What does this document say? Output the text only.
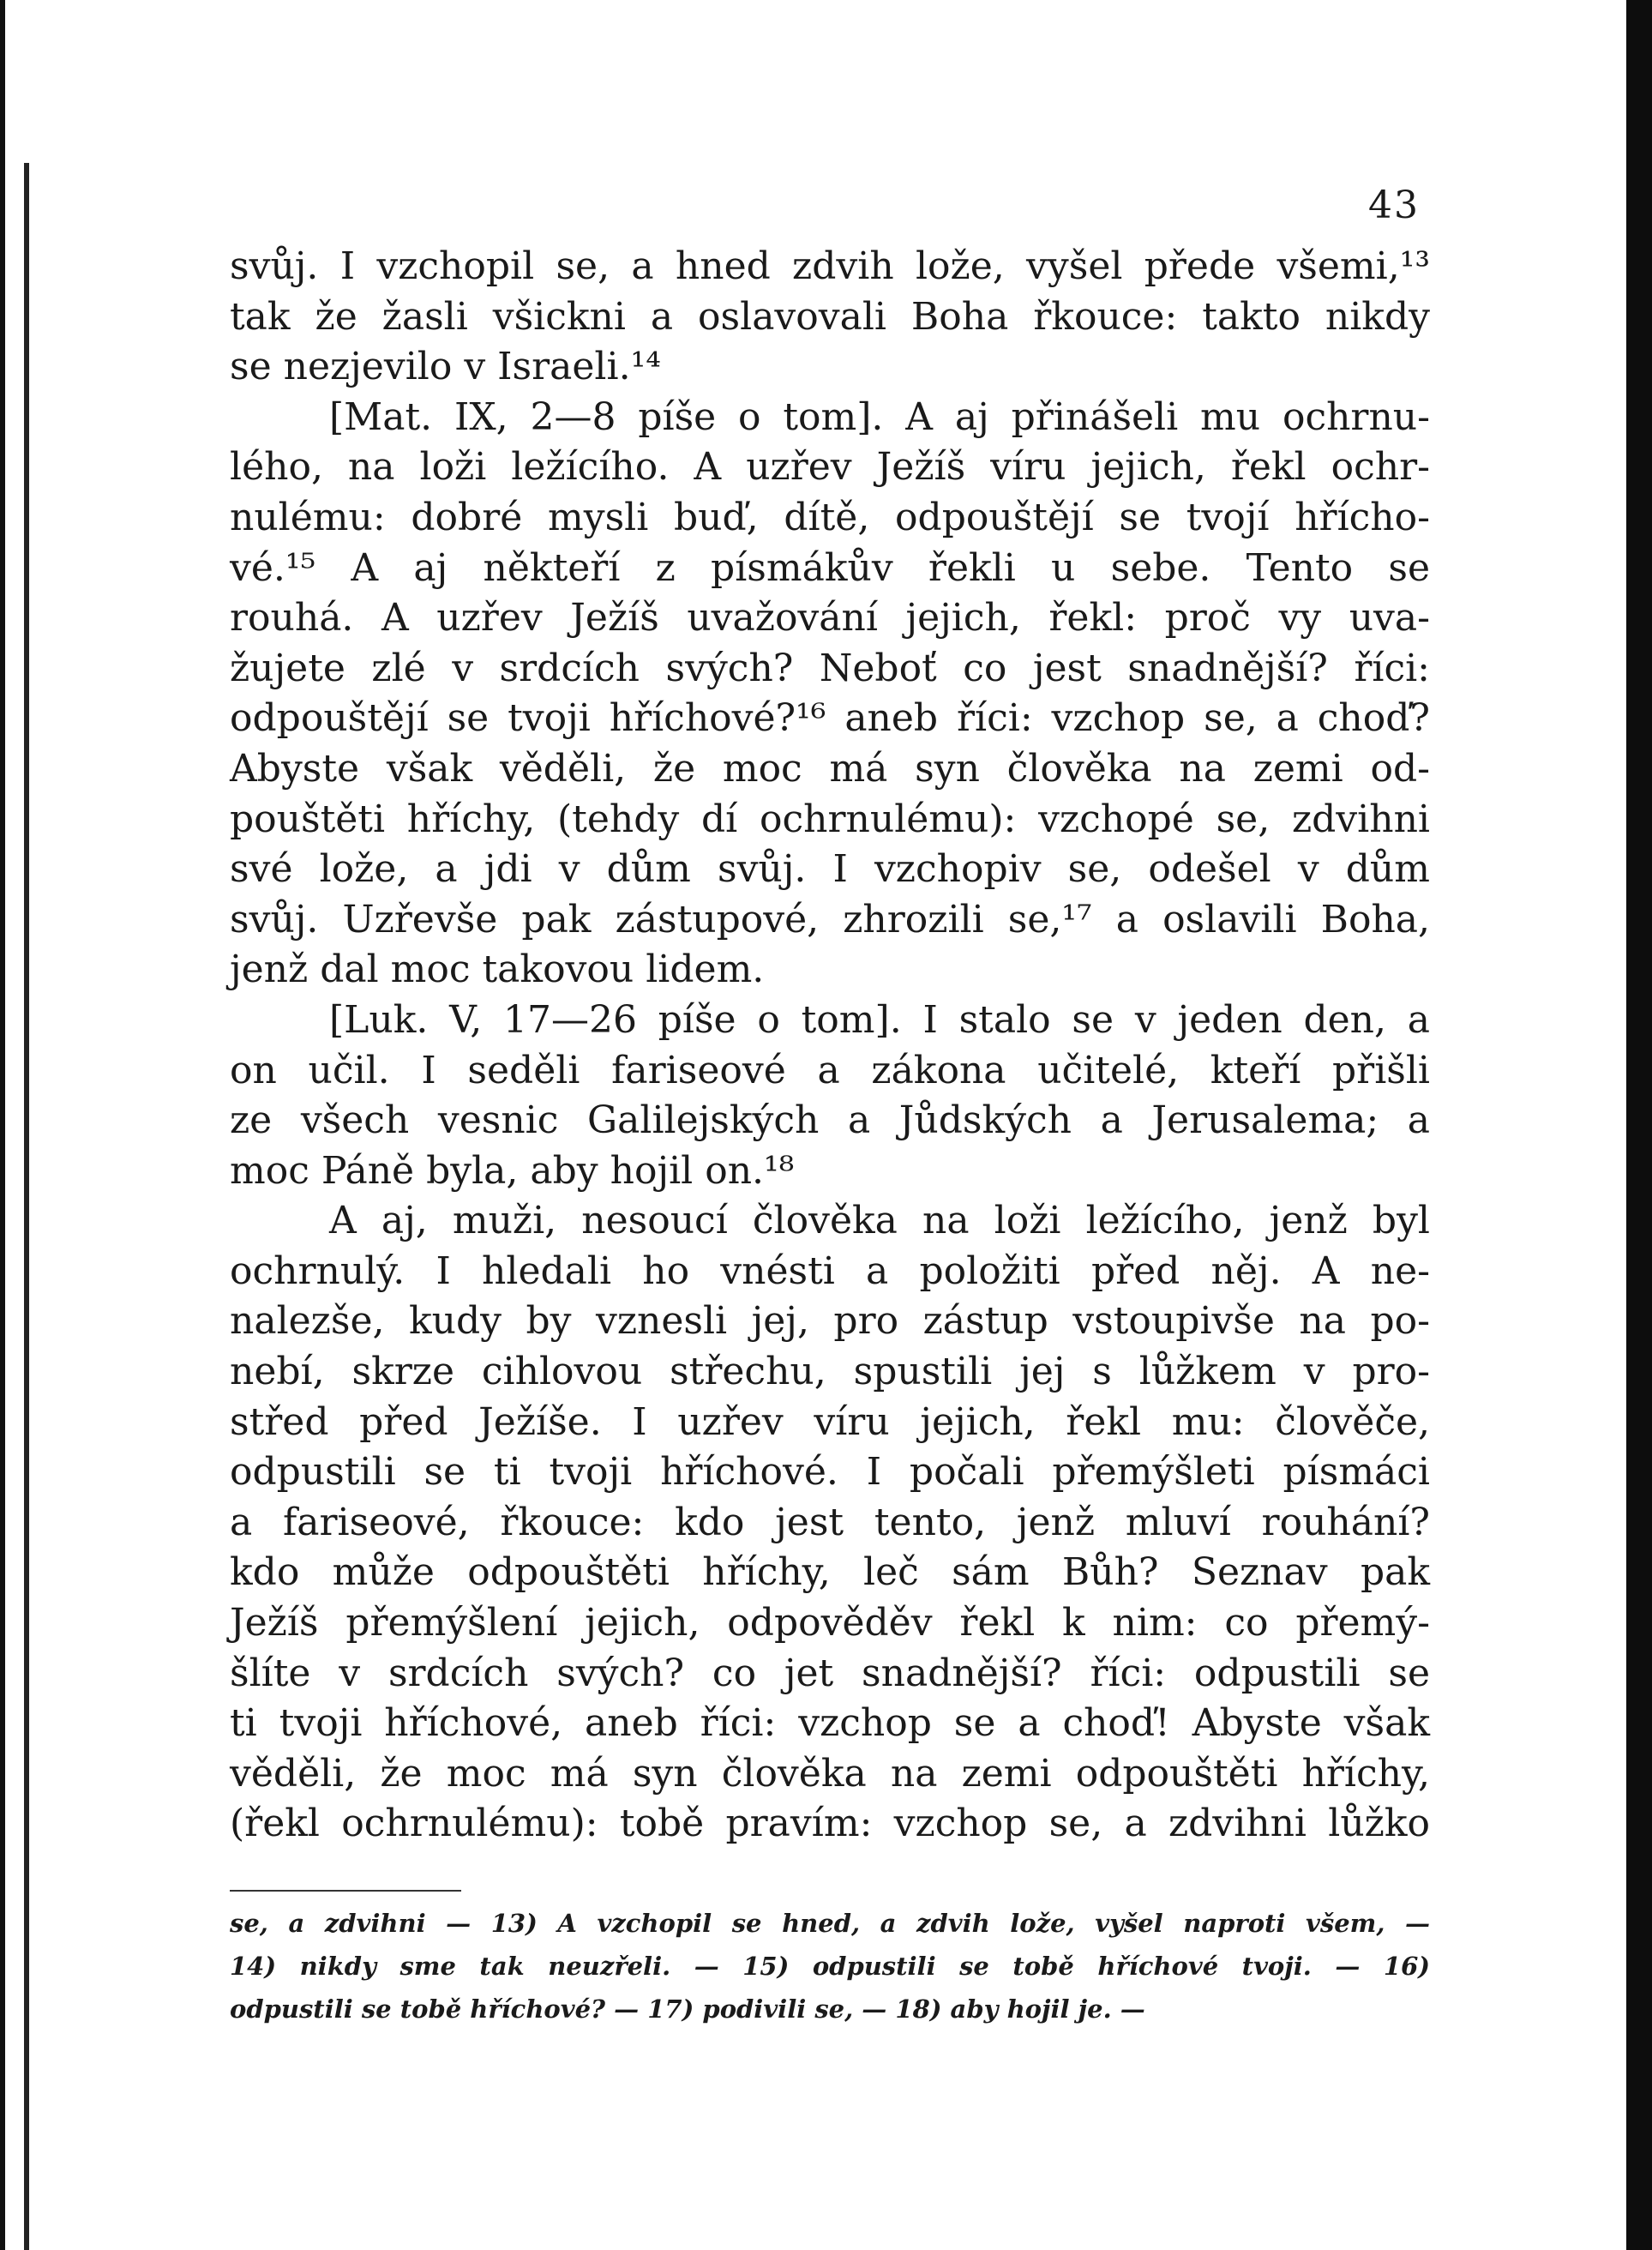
43
svůj. I vzchopil se, a hned zdvih lože, vyšel přede všemi,¹³
tak že žasli všickni a oslavovali Boha řkouce: takto nikdy
se nezjevilo v Israeli.¹⁴
[Mat. IX, 2—8 píše o tom]. A aj přinášeli mu ochrnu-
lého, na loži ležícího. A uzřev Ježíš víru jejich, řekl ochr-
nulému: dobré mysli buď, dítě, odpouštějí se tvojí hřícho-
vé.¹⁵ A aj někteří z písmákův řekli u sebe. Tento se
rouhá. A uzřev Ježíš uvažování jejich, řekl: proč vy uva-
žujete zlé v srdcích svých? Neboť co jest snadnější? říci:
odpouštějí se tvoji hříchové?¹⁶ aneb říci: vzchop se, a choď?
Abyste však věděli, že moc má syn člověka na zemi od-
pouštěti hříchy, (tehdy dí ochrnulému): vzchopé se, zdvihni
své lože, a jdi v dům svůj. I vzchopiv se, odešel v dům
svůj. Uzřevše pak zástupové, zhrozili se,¹⁷ a oslavili Boha,
jenž dal moc takovou lidem.
[Luk. V, 17—26 píše o tom]. I stalo se v jeden den, a
on učil. I seděli fariseové a zákona učitelé, kteří přišli
ze všech vesnic Galilejských a Jůdských a Jerusalema; a
moc Páně byla, aby hojil on.¹⁸
A aj, muži, nesoucí člověka na loži ležícího, jenž byl
ochrnulý. I hledali ho vnésti a položiti před něj. A ne-
nalezše, kudy by vznesli jej, pro zástup vstoupivše na po-
nebí, skrze cihlovou střechu, spustili jej s lůžkem v pro-
střed před Ježíše. I uzřev víru jejich, řekl mu: člověče,
odpustili se ti tvoji hříchové. I počali přemýšleti písmáci
a fariseové, řkouce: kdo jest tento, jenž mluví rouhání?
kdo může odpouštěti hříchy, leč sám Bůh? Seznav pak
Ježíš přemýšlení jejich, odpověděv řekl k nim: co přemý-
šlíte v srdcích svých? co jet snadnější? říci: odpustili se
ti tvoji hříchové, aneb říci: vzchop se a choď! Abyste však
věděli, že moc má syn člověka na zemi odpouštěti hříchy,
(řekl ochrnulému): tobě pravím: vzchop se, a zdvihni lůžko
se, a zdvihni — 13) A vzchopil se hned, a zdvih lože, vyšel naproti všem, —
14) nikdy sme tak neuzřeli. — 15) odpustili se tobě hříchové tvoji. — 16)
odpustili se tobě hříchové? — 17) podivili se, — 18) aby hojil je. —
